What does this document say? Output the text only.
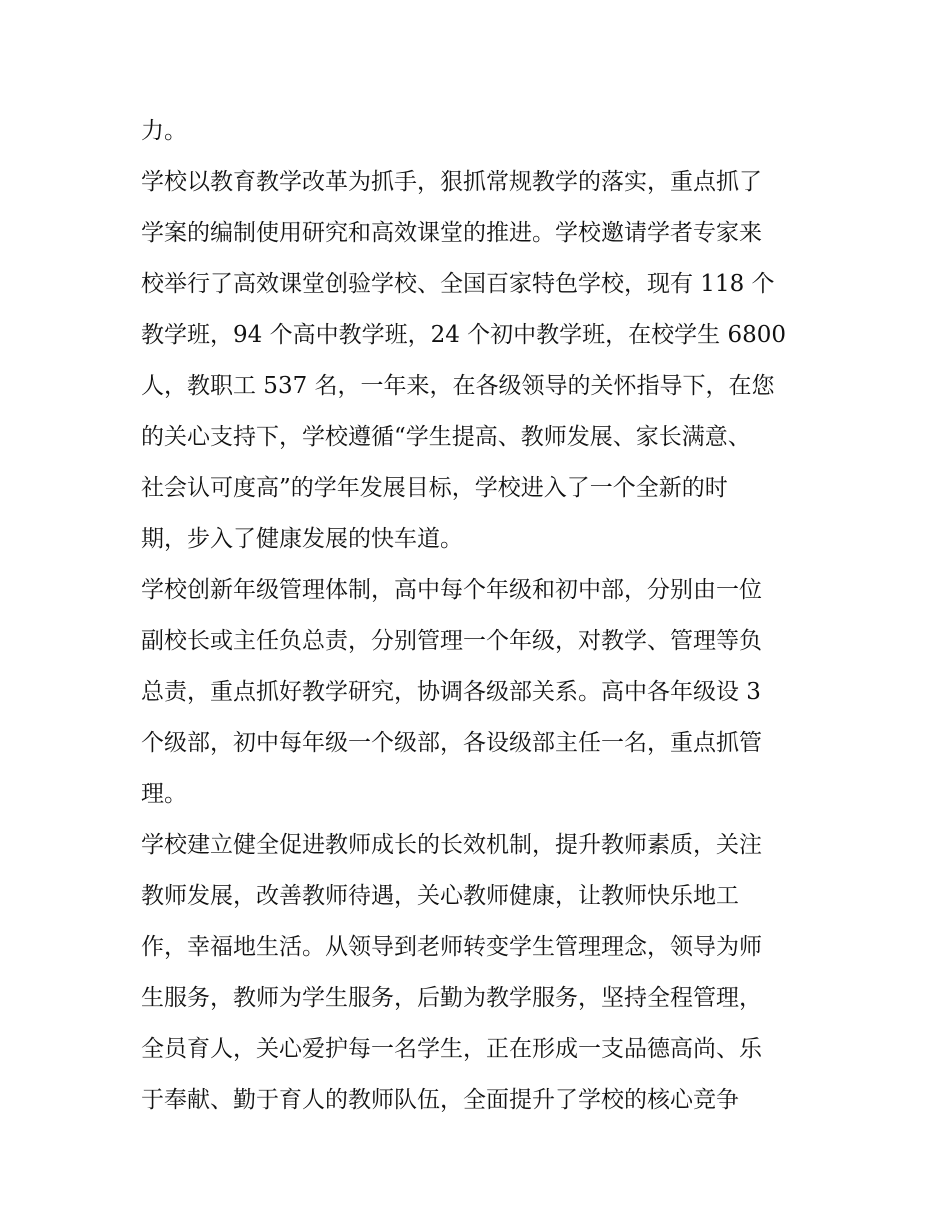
力。
学校以教育教学改革为抓手，狠抓常规教学的落实，重点抓了
学案的编制使用研究和高效课堂的推进。学校邀请学者专家来
校举行了高效课堂创验学校、全国百家特色学校，现有 118 个
教学班，94 个高中教学班，24 个初中教学班，在校学生 6800
人，教职工 537 名，一年来，在各级领导的关怀指导下，在您
的关心支持下，学校遵循“学生提高、教师发展、家长满意、
社会认可度高”的学年发展目标，学校进入了一个全新的时
期，步入了健康发展的快车道。
学校创新年级管理体制，高中每个年级和初中部，分别由一位
副校长或主任负总责，分别管理一个年级，对教学、管理等负
总责，重点抓好教学研究，协调各级部关系。高中各年级设 3
个级部，初中每年级一个级部，各设级部主任一名，重点抓管
理。
学校建立健全促进教师成长的长效机制，提升教师素质，关注
教师发展，改善教师待遇，关心教师健康，让教师快乐地工
作，幸福地生活。从领导到老师转变学生管理理念，领导为师
生服务，教师为学生服务，后勤为教学服务，坚持全程管理，
全员育人，关心爱护每一名学生，正在形成一支品德高尚、乐
于奉献、勤于育人的教师队伍，全面提升了学校的核心竞争
